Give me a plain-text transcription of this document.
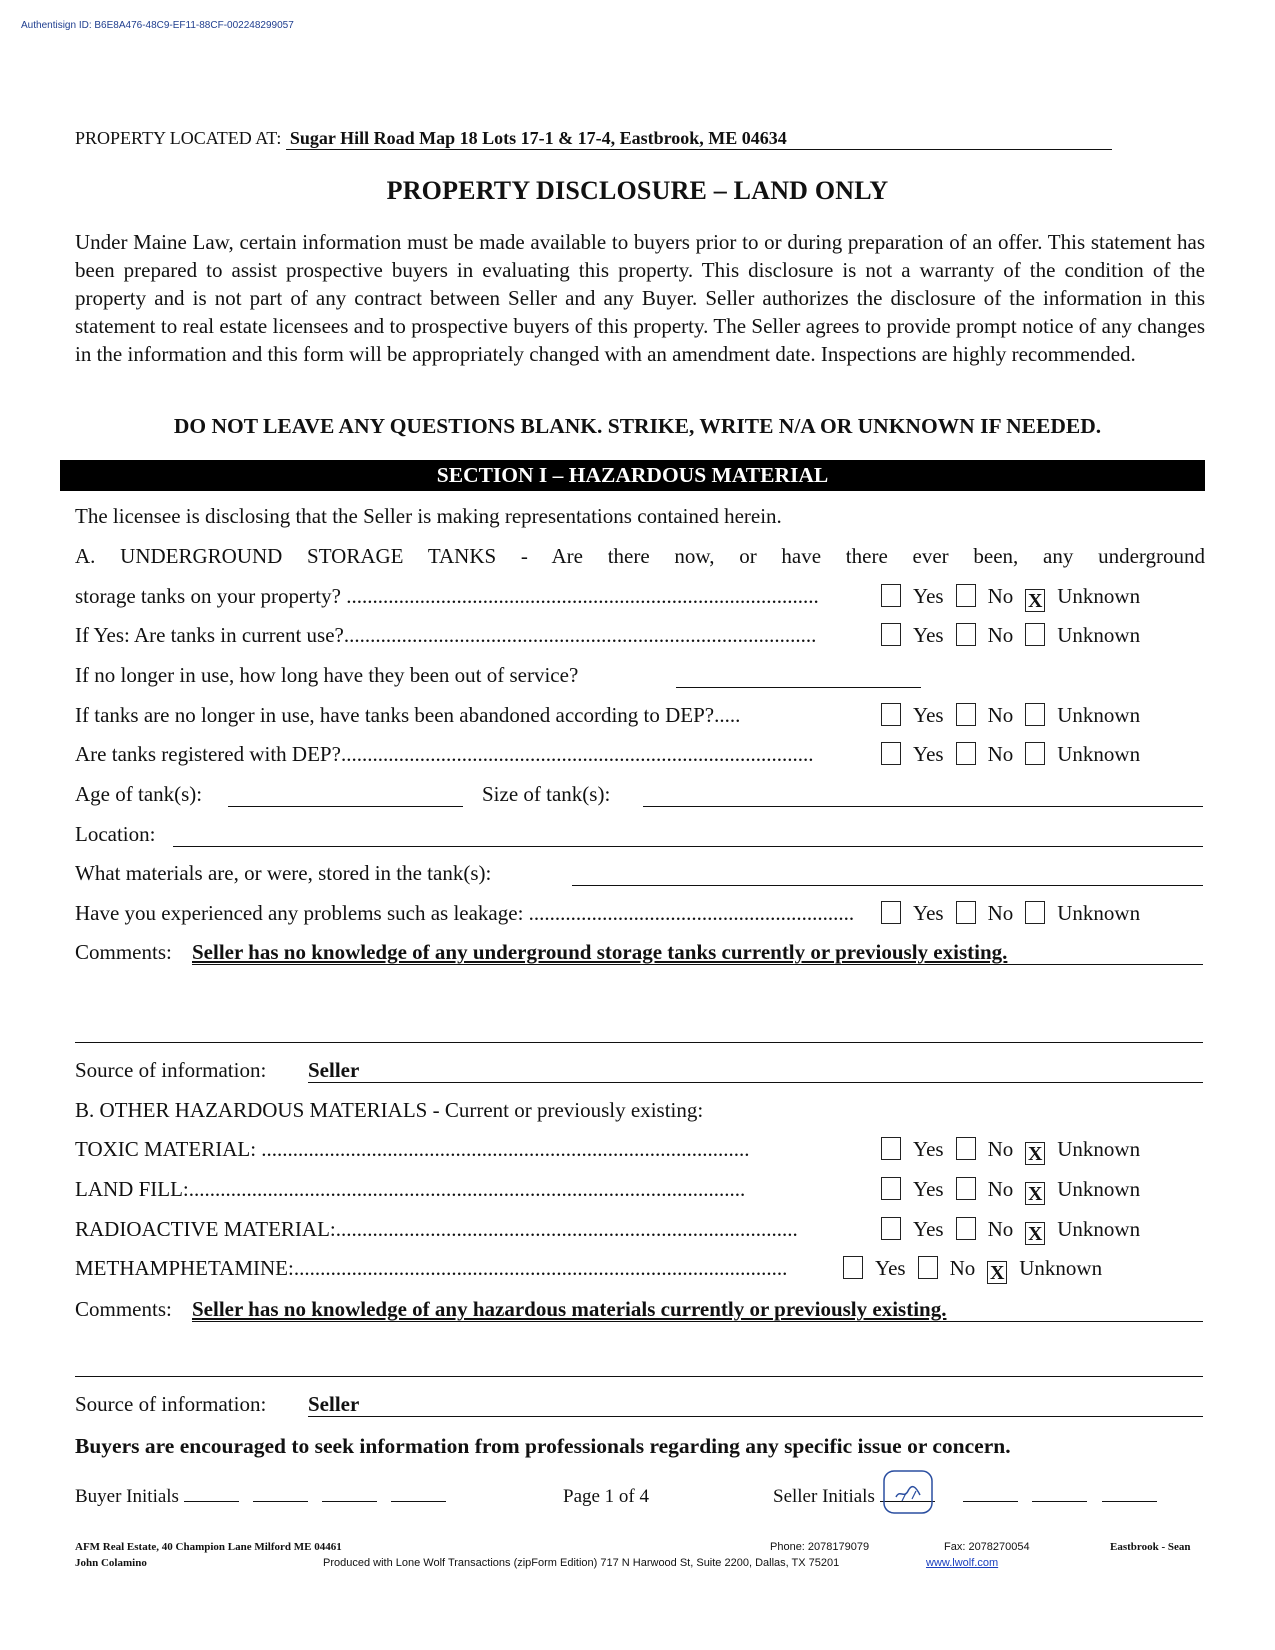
Authentisign ID: B6E8A476-48C9-EF11-88CF-002248299057
PROPERTY LOCATED AT: Sugar Hill Road Map 18 Lots 17-1 & 17-4, Eastbrook, ME 04634
PROPERTY DISCLOSURE – LAND ONLY
Under Maine Law, certain information must be made available to buyers prior to or during preparation of an offer. This statement has been prepared to assist prospective buyers in evaluating this property. This disclosure is not a warranty of the condition of the property and is not part of any contract between Seller and any Buyer. Seller authorizes the disclosure of the information in this statement to real estate licensees and to prospective buyers of this property. The Seller agrees to provide prompt notice of any changes in the information and this form will be appropriately changed with an amendment date. Inspections are highly recommended.
DO NOT LEAVE ANY QUESTIONS BLANK. STRIKE, WRITE N/A OR UNKNOWN IF NEEDED.
SECTION I – HAZARDOUS MATERIAL
The licensee is disclosing that the Seller is making representations contained herein.
A. UNDERGROUND STORAGE TANKS - Are there now, or have there ever been, any underground
storage tanks on your property? ..........................................................................................	Yes No X Unknown
If Yes: Are tanks in current use?..........................................................................................	Yes No Unknown
If no longer in use, how long have they been out of service?
If tanks are no longer in use, have tanks been abandoned according to DEP?.....	Yes No Unknown
Are tanks registered with DEP?..........................................................................................	Yes No Unknown
Age of tank(s):	Size of tank(s):
Location:
What materials are, or were, stored in the tank(s):
Have you experienced any problems such as leakage: ..............................................................	Yes No Unknown
Comments: Seller has no knowledge of any underground storage tanks currently or previously existing.
Source of information: Seller
B. OTHER HAZARDOUS MATERIALS - Current or previously existing:
TOXIC MATERIAL: .............................................................................................	Yes No X Unknown
LAND FILL:..........................................................................................................	Yes No X Unknown
RADIOACTIVE MATERIAL:........................................................................................	Yes No X Unknown
METHAMPHETAMINE:..............................................................................................	Yes No X Unknown
Comments: Seller has no knowledge of any hazardous materials currently or previously existing.
Source of information: Seller
Buyers are encouraged to seek information from professionals regarding any specific issue or concern.
Buyer Initials	Page 1 of 4	Seller Initials

AFM Real Estate, 40 Champion Lane Milford ME 04461
John Colamino
Phone: 2078179079	Fax: 2078270054	Eastbrook - Sean
Produced with Lone Wolf Transactions (zipForm Edition) 717 N Harwood St, Suite 2200, Dallas, TX 75201	www.lwolf.com
